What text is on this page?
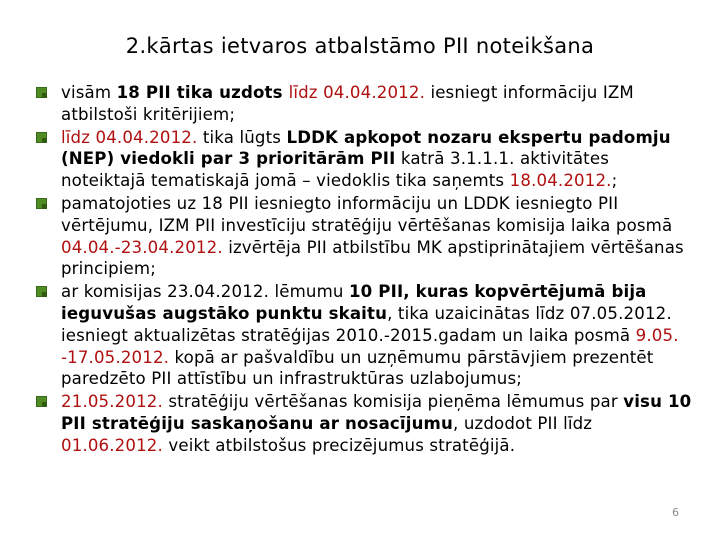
2.kārtas ietvaros atbalstāmo PII noteikšana
visām 18 PII tika uzdots līdz 04.04.2012. iesniegt informāciju IZM atbilstoši kritērijiem;
līdz 04.04.2012. tika lūgts LDDK apkopot nozaru ekspertu padomju (NEP) viedokli par 3 prioritārām PII katrā 3.1.1.1. aktivitātes noteiktajā tematiskajā jomā – viedoklis tika saņemts 18.04.2012.;
pamatojoties uz 18 PII iesniegto informāciju un LDDK iesniegto PII vērtējumu, IZM PII investīciju stratēģiju vērtēšanas komisija laika posmā 04.04.-23.04.2012. izvērtēja PII atbilstību MK apstiprinātajiem vērtēšanas principiem;
ar komisijas 23.04.2012. lēmumu 10 PII, kuras kopvērtējumā bija ieguvušas augstāko punktu skaitu, tika uzaicinātas līdz 07.05.2012. iesniegt aktualizētas stratēģijas 2010.-2015.gadam un laika posmā 9.05. -17.05.2012. kopā ar pašvaldību un uzņēmumu pārstāvjiem prezentēt paredzēto PII attīstību un infrastruktūras uzlabojumus;
21.05.2012. stratēģiju vērtēšanas komisija pieņēma lēmumus par visu 10 PII stratēģiju saskaņošanu ar nosacījumu, uzdodot PII līdz 01.06.2012. veikt atbilstošus precizējumus stratēģijā.
6
